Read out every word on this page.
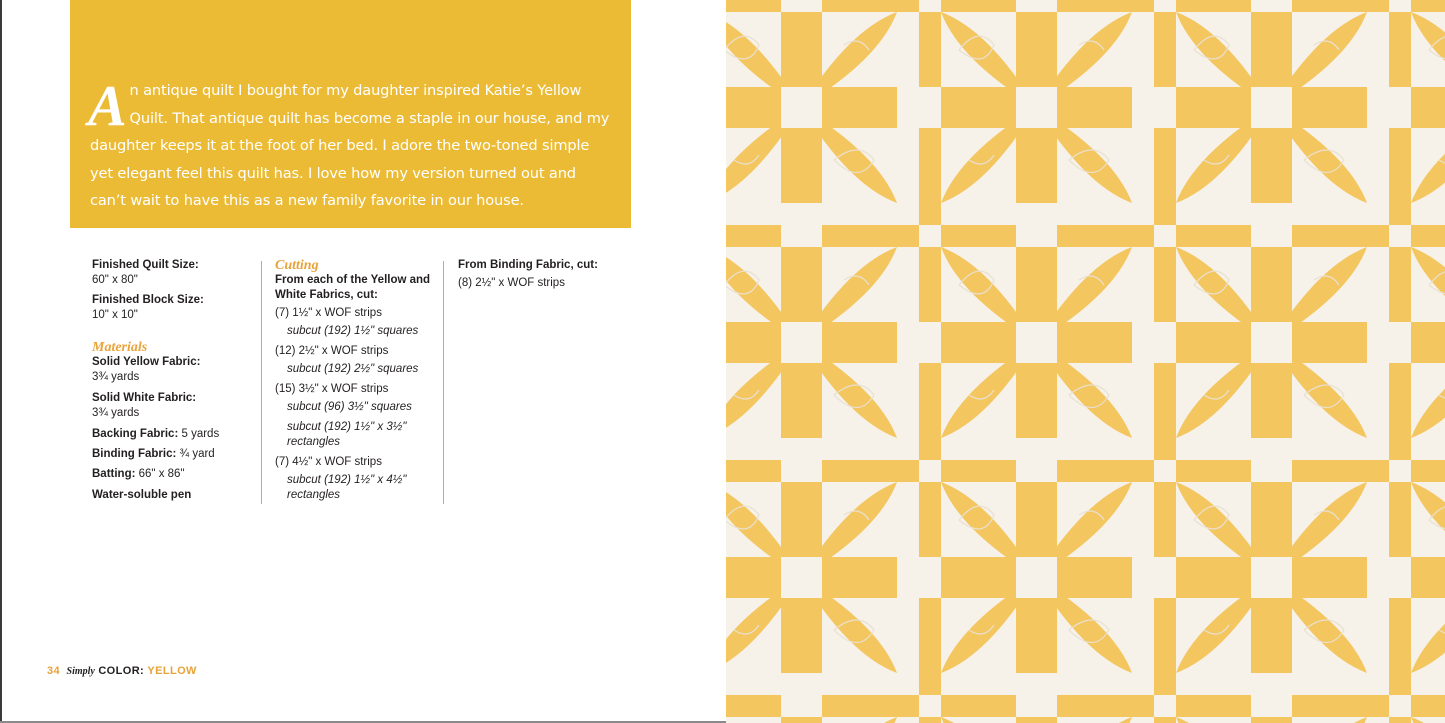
An antique quilt I bought for my daughter inspired Katie’s Yellow Quilt. That antique quilt has become a staple in our house, and my daughter keeps it at the foot of her bed. I adore the two-toned simple yet elegant feel this quilt has. I love how my version turned out and can’t wait to have this as a new family favorite in our house.

Finished Quilt Size:
60" x 80"
Finished Block Size:
10" x 10"
Materials
Solid Yellow Fabric:
3¾ yards
Solid White Fabric:
3¾ yards
Backing Fabric: 5 yards
Binding Fabric: ¾ yard
Batting: 66" x 86"
Water-soluble pen
Cutting
From each of the Yellow and White Fabrics, cut:
(7) 1½" x WOF strips
subcut (192) 1½" squares
(12) 2½" x WOF strips
subcut (192) 2½" squares
(15) 3½" x WOF strips
subcut (96) 3½" squares
subcut (192) 1½" x 3½" rectangles
(7) 4½" x WOF strips
subcut (192) 1½" x 4½" rectangles
From Binding Fabric, cut:
(8) 2½" x WOF strips
34 Simply COLOR: YELLOW
